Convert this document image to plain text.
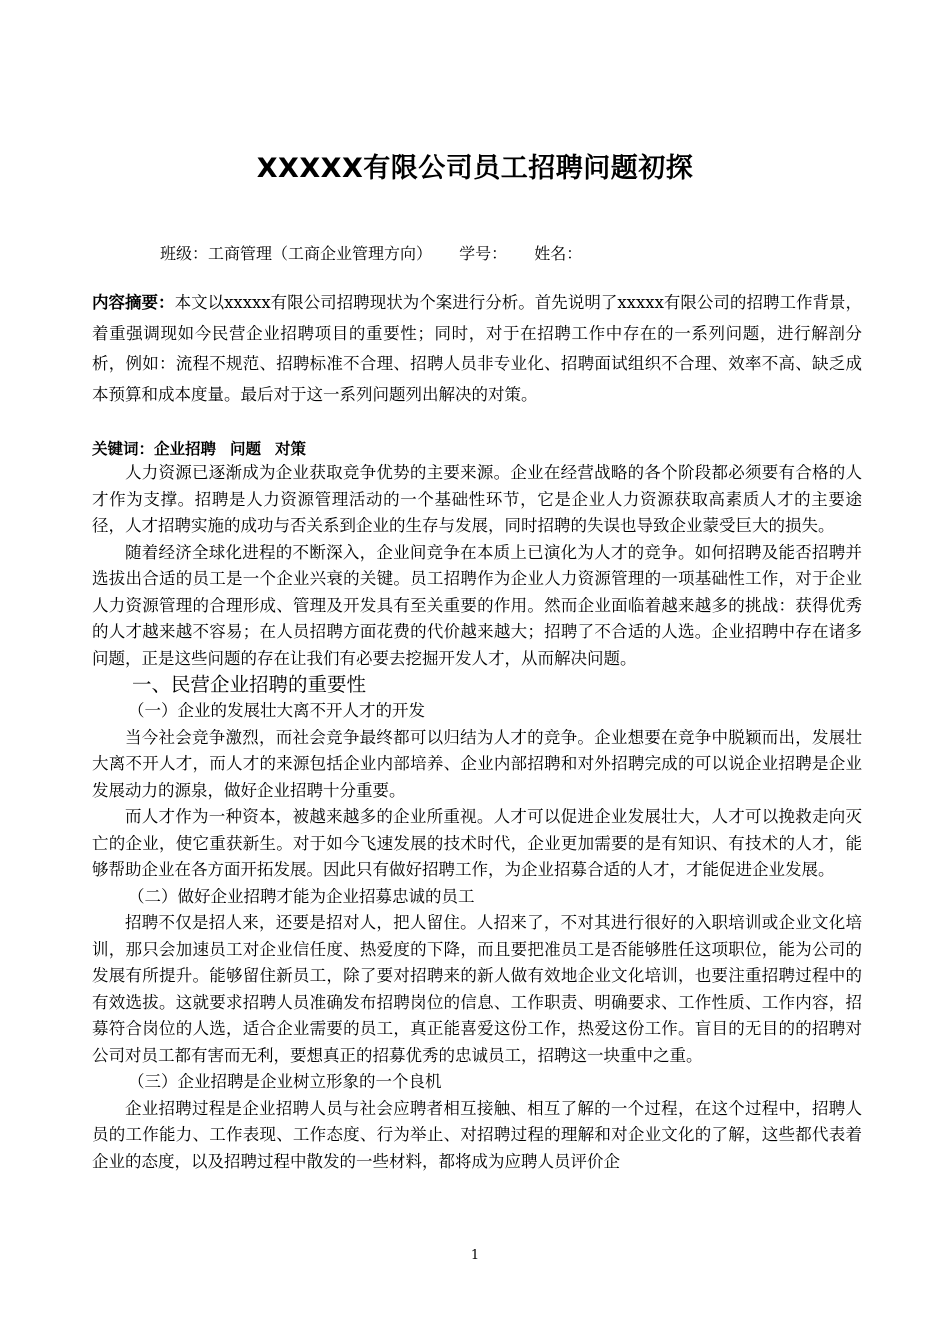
XXXXX有限公司员工招聘问题初探
班级：工商管理（工商企业管理方向） 学号： 姓名：
内容摘要：本文以xxxxx有限公司招聘现状为个案进行分析。首先说明了xxxxx有限公司的招聘工作背景，着重强调现如今民营企业招聘项目的重要性；同时，对于在招聘工作中存在的一系列问题，进行解剖分析，例如：流程不规范、招聘标准不合理、招聘人员非专业化、招聘面试组织不合理、效率不高、缺乏成本预算和成本度量。最后对于这一系列问题列出解决的对策。
关键词：企业招聘 问题 对策

人力资源已逐渐成为企业获取竞争优势的主要来源。企业在经营战略的各个阶段都必须要有合格的人才作为支撑。招聘是人力资源管理活动的一个基础性环节，它是企业人力资源获取高素质人才的主要途径，人才招聘实施的成功与否关系到企业的生存与发展，同时招聘的失误也导致企业蒙受巨大的损失。

随着经济全球化进程的不断深入，企业间竞争在本质上已演化为人才的竞争。如何招聘及能否招聘并选拔出合适的员工是一个企业兴衰的关键。员工招聘作为企业人力资源管理的一项基础性工作，对于企业人力资源管理的合理形成、管理及开发具有至关重要的作用。然而企业面临着越来越多的挑战：获得优秀的人才越来越不容易；在人员招聘方面花费的代价越来越大；招聘了不合适的人选。企业招聘中存在诸多问题，正是这些问题的存在让我们有必要去挖掘开发人才，从而解决问题。

一、民营企业招聘的重要性
（一）企业的发展壮大离不开人才的开发

当今社会竞争激烈，而社会竞争最终都可以归结为人才的竞争。企业想要在竞争中脱颖而出，发展壮大离不开人才，而人才的来源包括企业内部培养、企业内部招聘和对外招聘完成的可以说企业招聘是企业发展动力的源泉，做好企业招聘十分重要。

而人才作为一种资本，被越来越多的企业所重视。人才可以促进企业发展壮大，人才可以挽救走向灭亡的企业，使它重获新生。对于如今飞速发展的技术时代，企业更加需要的是有知识、有技术的人才，能够帮助企业在各方面开拓发展。因此只有做好招聘工作，为企业招募合适的人才，才能促进企业发展。

（二）做好企业招聘才能为企业招募忠诚的员工

招聘不仅是招人来，还要是招对人，把人留住。人招来了，不对其进行很好的入职培训或企业文化培训，那只会加速员工对企业信任度、热爱度的下降，而且要把准员工是否能够胜任这项职位，能为公司的发展有所提升。能够留住新员工，除了要对招聘来的新人做有效地企业文化培训，也要注重招聘过程中的有效选拔。这就要求招聘人员准确发布招聘岗位的信息、工作职责、明确要求、工作性质、工作内容，招募符合岗位的人选，适合企业需要的员工，真正能喜爱这份工作，热爱这份工作。盲目的无目的的招聘对公司对员工都有害而无利，要想真正的招募优秀的忠诚员工，招聘这一块重中之重。

（三）企业招聘是企业树立形象的一个良机

企业招聘过程是企业招聘人员与社会应聘者相互接触、相互了解的一个过程，在这个过程中，招聘人员的工作能力、工作表现、工作态度、行为举止、对招聘过程的理解和对企业文化的了解，这些都代表着企业的态度，以及招聘过程中散发的一些材料，都将成为应聘人员评价企

1
